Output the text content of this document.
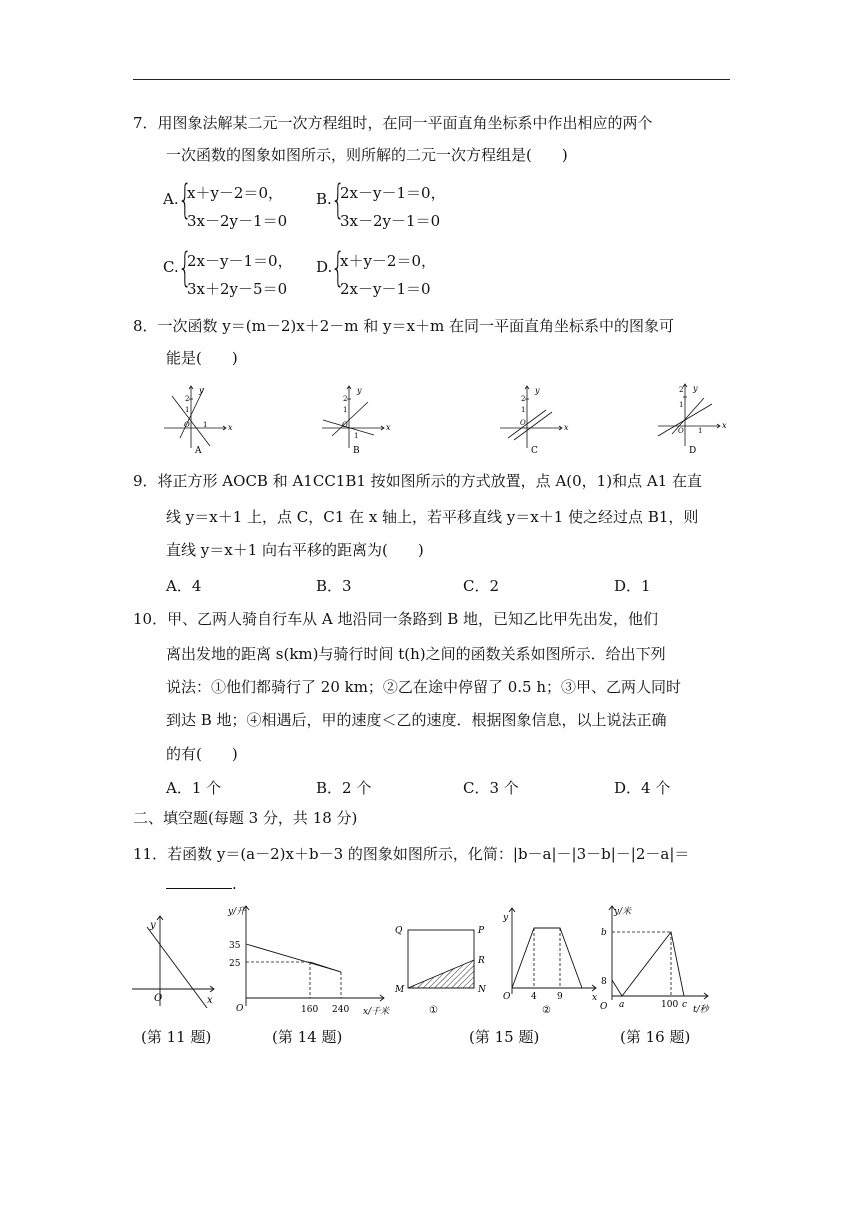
7．用图象法解某二元一次方程组时，在同一平面直角坐标系中作出相应的两个
一次函数的图象如图所示，则所解的二元一次方程组是(　　)
A. {
x＋y－2＝0，
3x－2y－1＝0
B. {
2x－y－1＝0，
3x－2y－1＝0
C. {
2x－y－1＝0，
3x＋2y－5＝0
D.
{
x＋y－2＝0，
2x－y－1＝0
8．一次函数 y＝(m－2)x＋2－m 和 y＝x＋m 在同一平面直角坐标系中的图象可
能是(　　)
y
x
O
2
1
1
A
y
x
O
2
1
1
B
y
x
O
2
1
C
y
x
O
2
1
1
D
9．将正方形 AOCB 和 A1CC1B1 按如图所示的方式放置，点 A(0，1)和点 A1 在直
线 y＝x＋1 上，点 C，C1 在 x 轴上，若平移直线 y＝x＋1 使之经过点 B1，则
直线 y＝x＋1 向右平移的距离为(　　)
A．4	B．3	C．2	D．1
10．甲、乙两人骑自行车从 A 地沿同一条路到 B 地，已知乙比甲先出发，他们
离出发地的距离 s(km)与骑行时间 t(h)之间的函数关系如图所示．给出下列
说法：①他们都骑行了 20 km；②乙在途中停留了 0.5 h；③甲、乙两人同时
到达 B 地；④相遇后，甲的速度＜乙的速度．根据图象信息，以上说法正确
的有(　　)
A．1 个	B．2 个	C．3 个	D．4 个
二、填空题(每题 3 分，共 18 分)
11．若函数 y＝(a－2)x＋b－3 的图象如图所示，化简：|b－a|－|3－b|－|2－a|＝
.
y
x
O
(第 11 题)
y/升
35
25
O	160 240 x/千米
(第 14 题)
Q	P
R
M	N
①
y
x
O 4 9
②
(第 15 题)
y/米
b
8
O a	100 c t/秒
(第 16 题)
